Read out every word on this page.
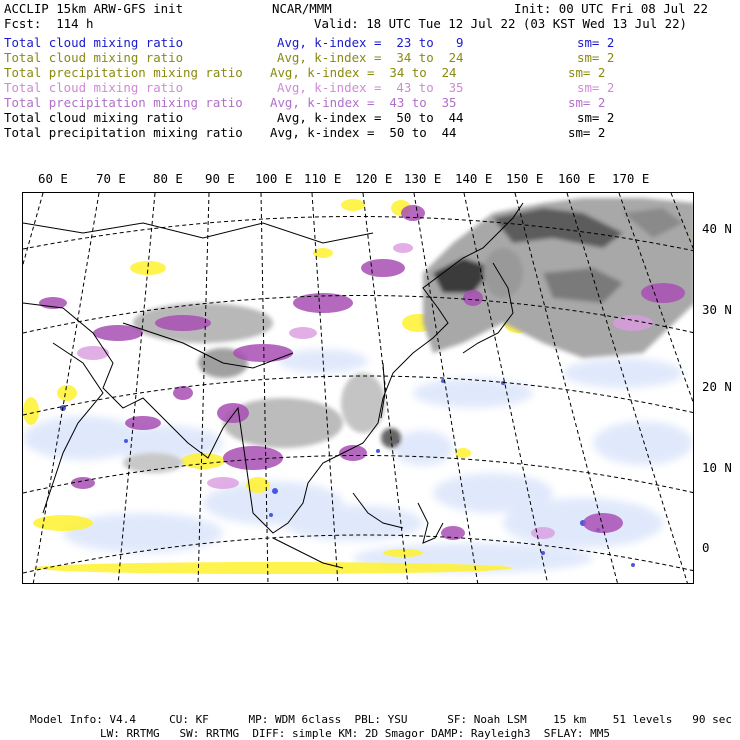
ACCLIP 15km ARW-GFS init	NCAR/MMM	Init: 00 UTC Fri 08 Jul 22
Fcst:  114 h	Valid: 18 UTC Tue 12 Jul 22 (03 KST Wed 13 Jul 22)
Total cloud mixing ratio	Avg, k-index =  23 to   9	sm= 2
Total cloud mixing ratio	Avg, k-index =  34 to  24	sm= 2
Total precipitation mixing ratio Avg, k-index =  34 to  24	sm= 2
Total cloud mixing ratio	Avg, k-index =  43 to  35	sm= 2
Total precipitation mixing ratio Avg, k-index =  43 to  35	sm= 2
Total cloud mixing ratio	Avg, k-index =  50 to  44	sm= 2
Total precipitation mixing ratio Avg, k-index =  50 to  44	sm= 2
60 E 70 E 80 E 90 E 100 E 110 E 120 E 130 E 140 E 150 E 160 E 170 E
40 N
30 N
20 N
10 N
0
Model Info: V4.4     CU: KF      MP: WDM 6class  PBL: YSU      SF: Noah LSM    15 km    51 levels   90 sec
LW: RRTMG   SW: RRTMG  DIFF: simple KM: 2D Smagor DAMP: Rayleigh3  SFLAY: MM5
